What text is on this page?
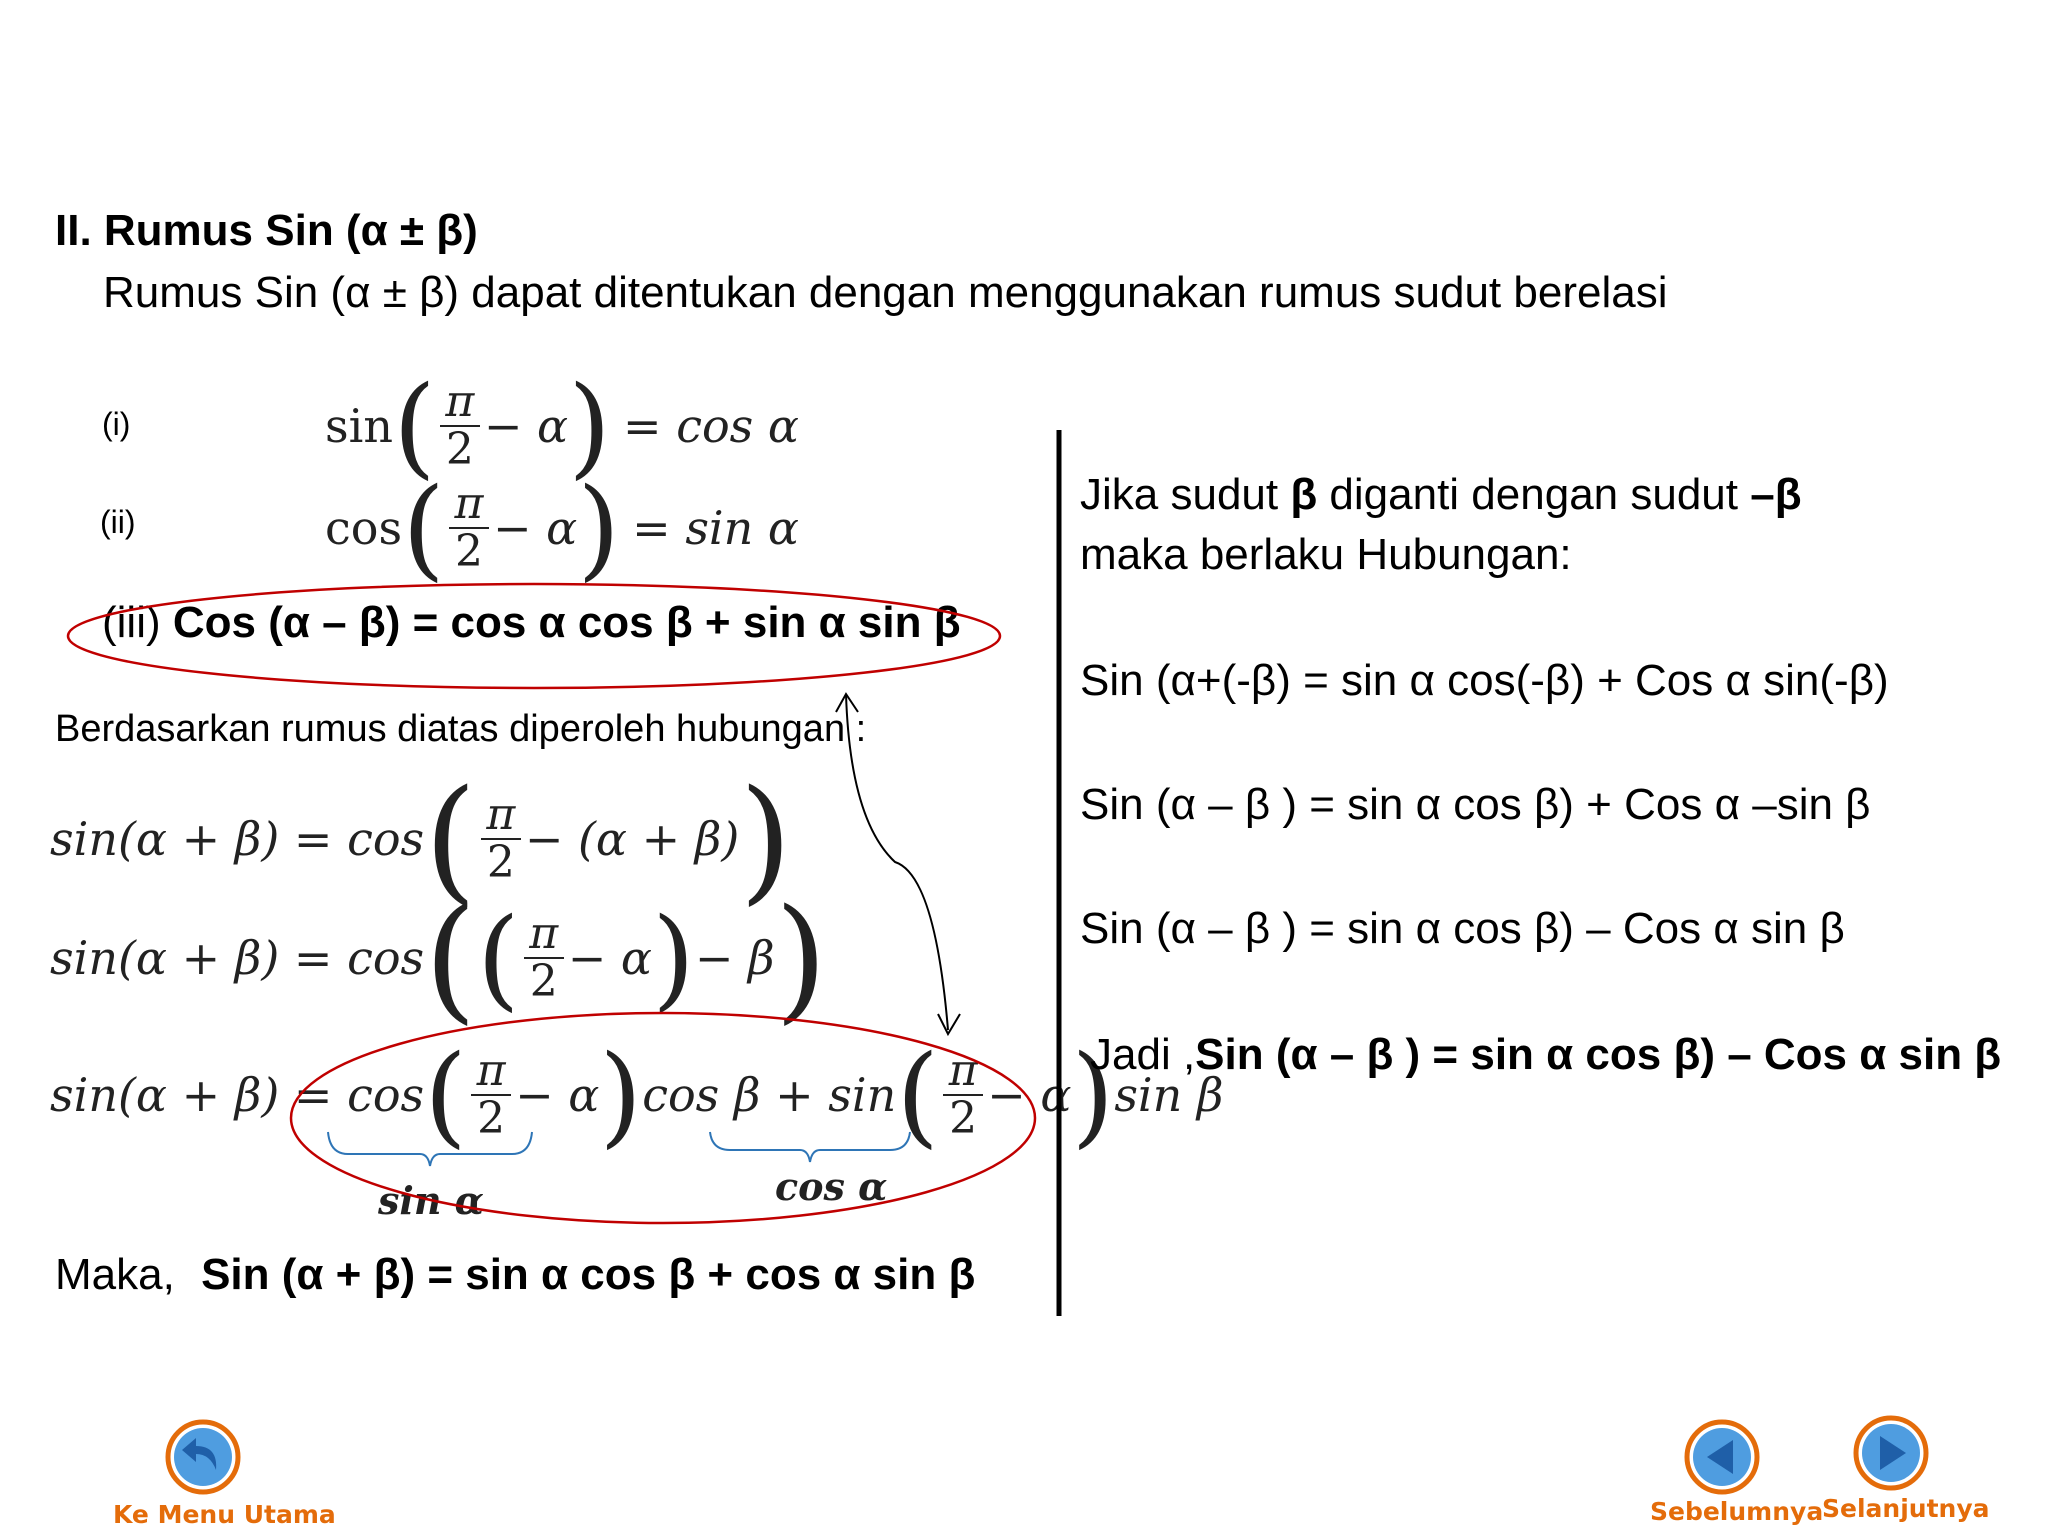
II. Rumus Sin (α ± β)
Rumus Sin (α ± β) dapat ditentukan dengan menggunakan rumus sudut berelasi
(i)	sin ( $\frac{\pi}{2} - \alpha$ ) = cos α
(ii)	cos ( $\frac{\pi}{2} - \alpha$ ) = sin α
(iii) Cos (α – β) = cos α cos β + sin α sin β
Berdasarkan rumus diatas diperoleh hubungan :
sin(α + β) = cos ( $\frac{\pi}{2} - (\alpha + \beta)$ )
sin(α + β) = cos ( ( $\frac{\pi}{2} - \alpha$ ) − β )
sin(α + β) = cos ( $\frac{\pi}{2} - \alpha$ ) cos β + sin ( $\frac{\pi}{2} - \alpha$ ) sin β
sin α	cos α
Maka, Sin (α + β) = sin α cos β + cos α sin β
Jika sudut β diganti dengan sudut –β
maka berlaku Hubungan:
Sin (α+(-β) = sin α cos(-β) + Cos α sin(-β)
Sin (α – β ) = sin α cos β) + Cos α –sin β
Sin (α – β ) = sin α cos β) – Cos α sin β
Jadi ,Sin (α – β ) = sin α cos β) – Cos α sin β
Ke Menu Utama	Sebelumnya
Selanjutnya
